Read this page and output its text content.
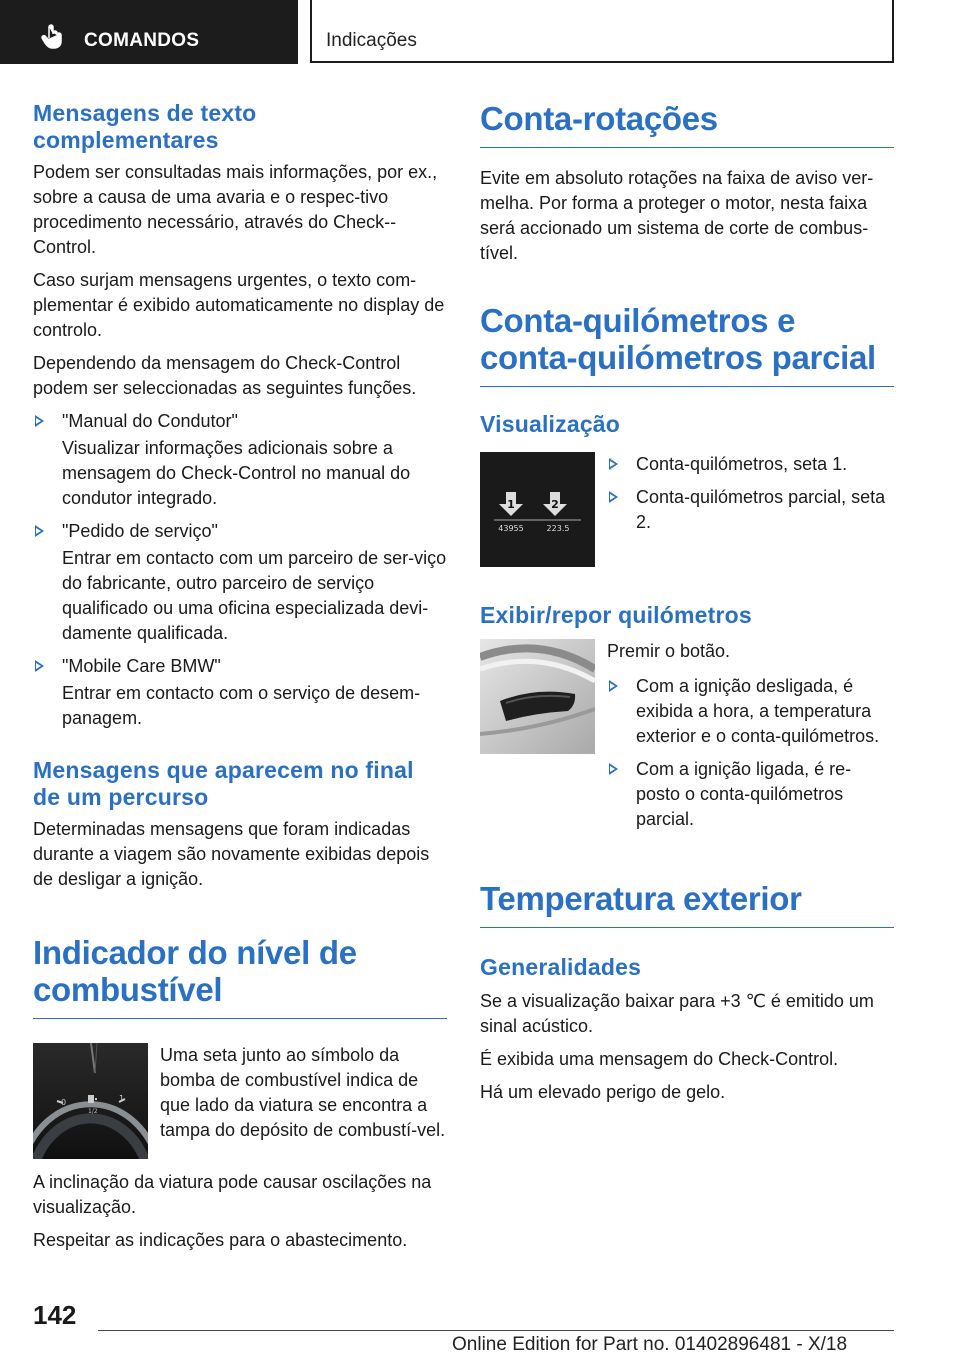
COMANDOS	Indicações
Mensagens de texto complementares

Podem ser consultadas mais informações, por ex., sobre a causa de uma avaria e o respec‐tivo procedimento necessário, através do Check‐-Control.

Caso surjam mensagens urgentes, o texto com‐plementar é exibido automaticamente no display de controlo.

Dependendo da mensagem do Check-Control podem ser seleccionadas as seguintes funções.

"Manual do Condutor"
Visualizar informações adicionais sobre a mensagem do Check-Control no manual do condutor integrado.
"Pedido de serviço"
Entrar em contacto com um parceiro de ser‐viço do fabricante, outro parceiro de serviço qualificado ou uma oficina especializada devi‐damente qualificada.
"Mobile Care BMW"
Entrar em contacto com o serviço de desem‐panagem.
Mensagens que aparecem no final de um percurso

Determinadas mensagens que foram indicadas durante a viagem são novamente exibidas depois de desligar a ignição.

Indicador do nível de combustível
0	1
1/2

Uma seta junto ao símbolo da bomba de combustível indica de que lado da viatura se encontra a tampa do depósito de combustí‐vel.

A inclinação da viatura pode causar oscilações na visualização.

Respeitar as indicações para o abastecimento.

Conta-rotações

Evite em absoluto rotações na faixa de aviso ver‐melha. Por forma a proteger o motor, nesta faixa será accionado um sistema de corte de combus‐tível.

Conta-quilómetros e conta-quilómetros parcial
Visualização
1	2
43955	223.5
Conta-quilómetros, seta 1.
Conta-quilómetros parcial, seta 2.
Exibir/repor quilómetros

Premir o botão.

Com a ignição desligada, é exibida a hora, a temperatura exterior e o conta-quilómetros.
Com a ignição ligada, é re‐posto o conta-quilómetros parcial.
Temperatura exterior
Generalidades

Se a visualização baixar para +3 ℃ é emitido um sinal acústico.

É exibida uma mensagem do Check-Control.

Há um elevado perigo de gelo.

142
Online Edition for Part no. 01402896481 - X/18
